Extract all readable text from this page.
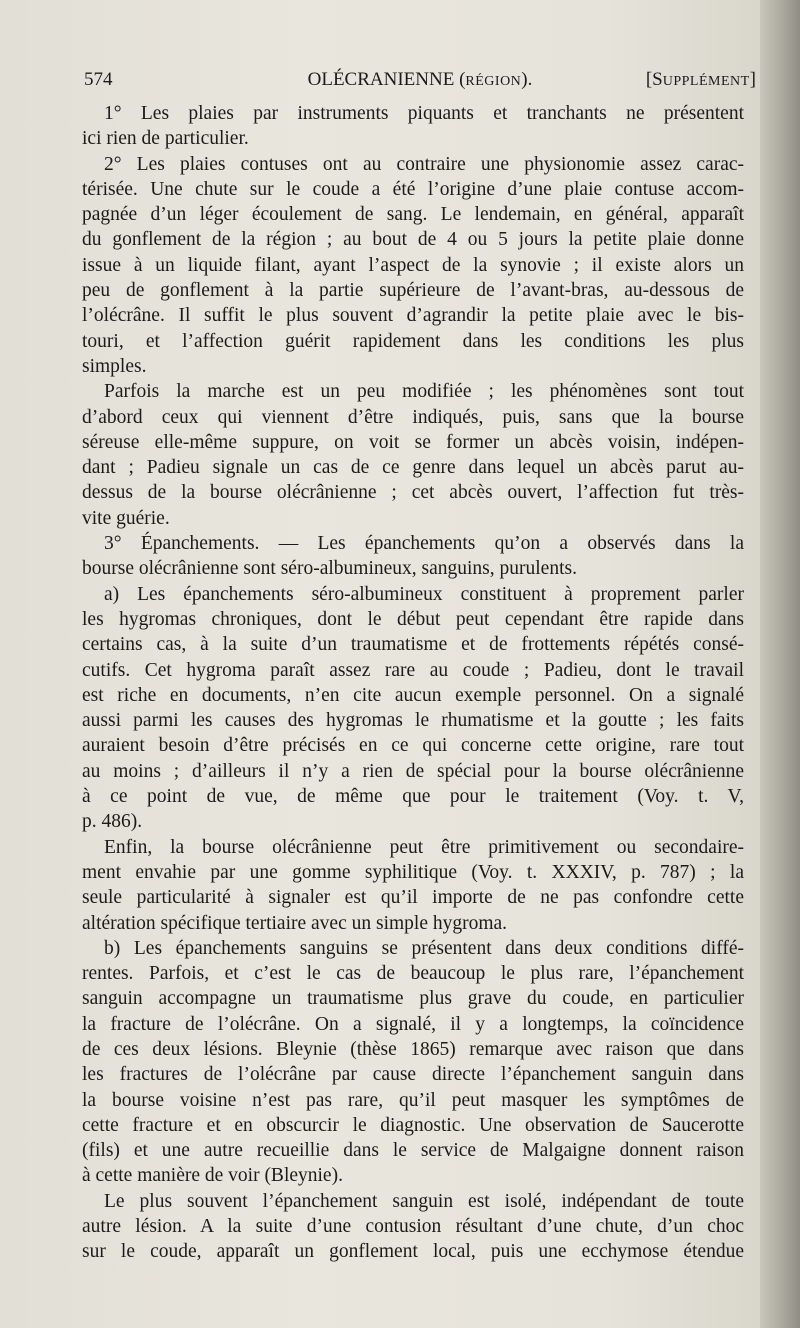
574	OLÉCRANIENNE (RÉGION).	[SUPPLÉMENT]
1° Les plaies par instruments piquants et tranchants ne présentent
ici rien de particulier.
2° Les plaies contuses ont au contraire une physionomie assez carac-
térisée. Une chute sur le coude a été l’origine d’une plaie contuse accom-
pagnée d’un léger écoulement de sang. Le lendemain, en général, apparaît
du gonflement de la région ; au bout de 4 ou 5 jours la petite plaie donne
issue à un liquide filant, ayant l’aspect de la synovie ; il existe alors un
peu de gonflement à la partie supérieure de l’avant-bras, au-dessous de
l’olécrâne. Il suffit le plus souvent d’agrandir la petite plaie avec le bis-
touri, et l’affection guérit rapidement dans les conditions les plus
simples.
Parfois la marche est un peu modifiée ; les phénomènes sont tout
d’abord ceux qui viennent d’être indiqués, puis, sans que la bourse
séreuse elle-même suppure, on voit se former un abcès voisin, indépen-
dant ; Padieu signale un cas de ce genre dans lequel un abcès parut au-
dessus de la bourse olécrânienne ; cet abcès ouvert, l’affection fut très-
vite guérie.
3° Épanchements. — Les épanchements qu’on a observés dans la
bourse olécrânienne sont séro-albumineux, sanguins, purulents.
a) Les épanchements séro-albumineux constituent à proprement parler
les hygromas chroniques, dont le début peut cependant être rapide dans
certains cas, à la suite d’un traumatisme et de frottements répétés consé-
cutifs. Cet hygroma paraît assez rare au coude ; Padieu, dont le travail
est riche en documents, n’en cite aucun exemple personnel. On a signalé
aussi parmi les causes des hygromas le rhumatisme et la goutte ; les faits
auraient besoin d’être précisés en ce qui concerne cette origine, rare tout
au moins ; d’ailleurs il n’y a rien de spécial pour la bourse olécrânienne
à ce point de vue, de même que pour le traitement (Voy. t. V,
p. 486).
Enfin, la bourse olécrânienne peut être primitivement ou secondaire-
ment envahie par une gomme syphilitique (Voy. t. XXXIV, p. 787) ; la
seule particularité à signaler est qu’il importe de ne pas confondre cette
altération spécifique tertiaire avec un simple hygroma.
b) Les épanchements sanguins se présentent dans deux conditions diffé-
rentes. Parfois, et c’est le cas de beaucoup le plus rare, l’épanchement
sanguin accompagne un traumatisme plus grave du coude, en particulier
la fracture de l’olécrâne. On a signalé, il y a longtemps, la coïncidence
de ces deux lésions. Bleynie (thèse 1865) remarque avec raison que dans
les fractures de l’olécrâne par cause directe l’épanchement sanguin dans
la bourse voisine n’est pas rare, qu’il peut masquer les symptômes de
cette fracture et en obscurcir le diagnostic. Une observation de Saucerotte
(fils) et une autre recueillie dans le service de Malgaigne donnent raison
à cette manière de voir (Bleynie).
Le plus souvent l’épanchement sanguin est isolé, indépendant de toute
autre lésion. A la suite d’une contusion résultant d’une chute, d’un choc
sur le coude, apparaît un gonflement local, puis une ecchymose étendue
